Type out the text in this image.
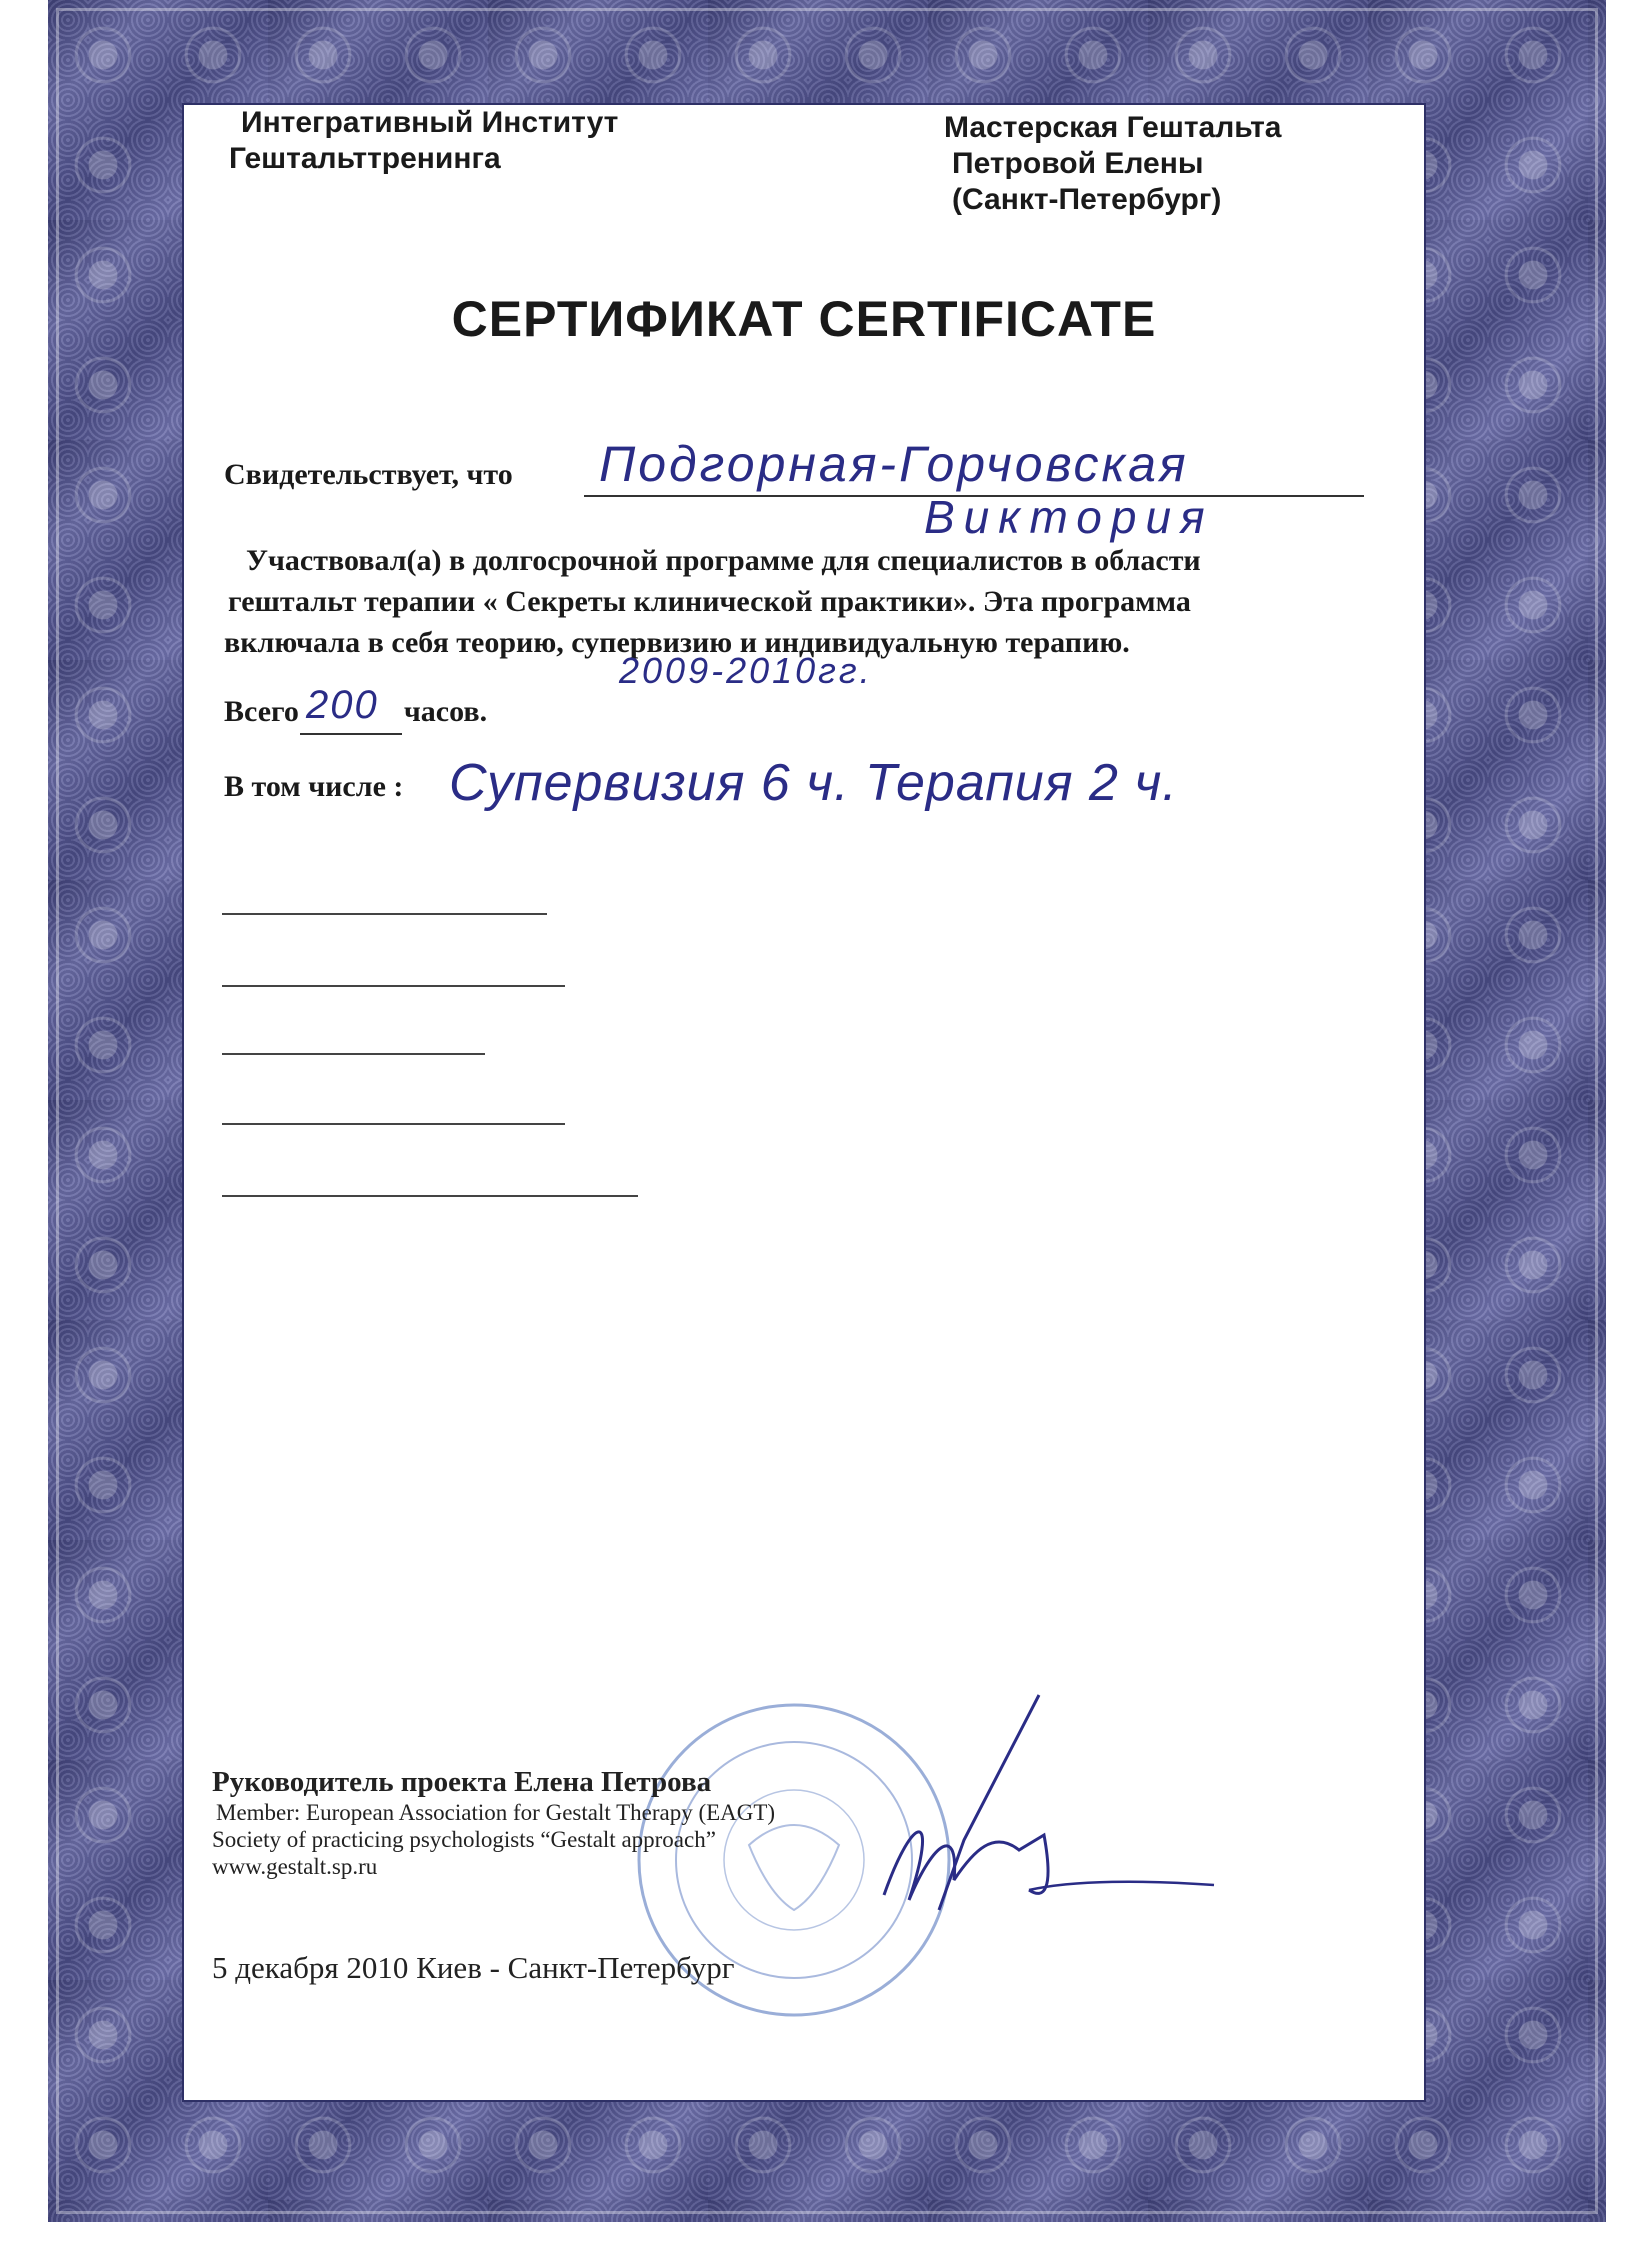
Интегративный Институт
Гештальттренинга
Мастерская Гештальта
Петровой Елены
(Санкт-Петербург)
СЕРТИФИКАТ CERTIFICATE
Свидетельствует, что Подгорная-Горчовская
Виктория
Участвовал(а) в долгосрочной программе для специалистов в области
гештальт терапии « Секреты клинической практики». Эта программа
включала в себя теорию, супервизию и индивидуальную терапию.
2009-2010гг.
Всего	часов.
200
В том числе : Супервизия 6 ч. Терапия 2 ч.
Руководитель проекта Елена Петрова
Member: European Association for Gestalt Therapy (EAGT)
Society of practicing psychologists “Gestalt approach”
www.gestalt.sp.ru
5 декабря 2010 Киев - Санкт-Петербург
